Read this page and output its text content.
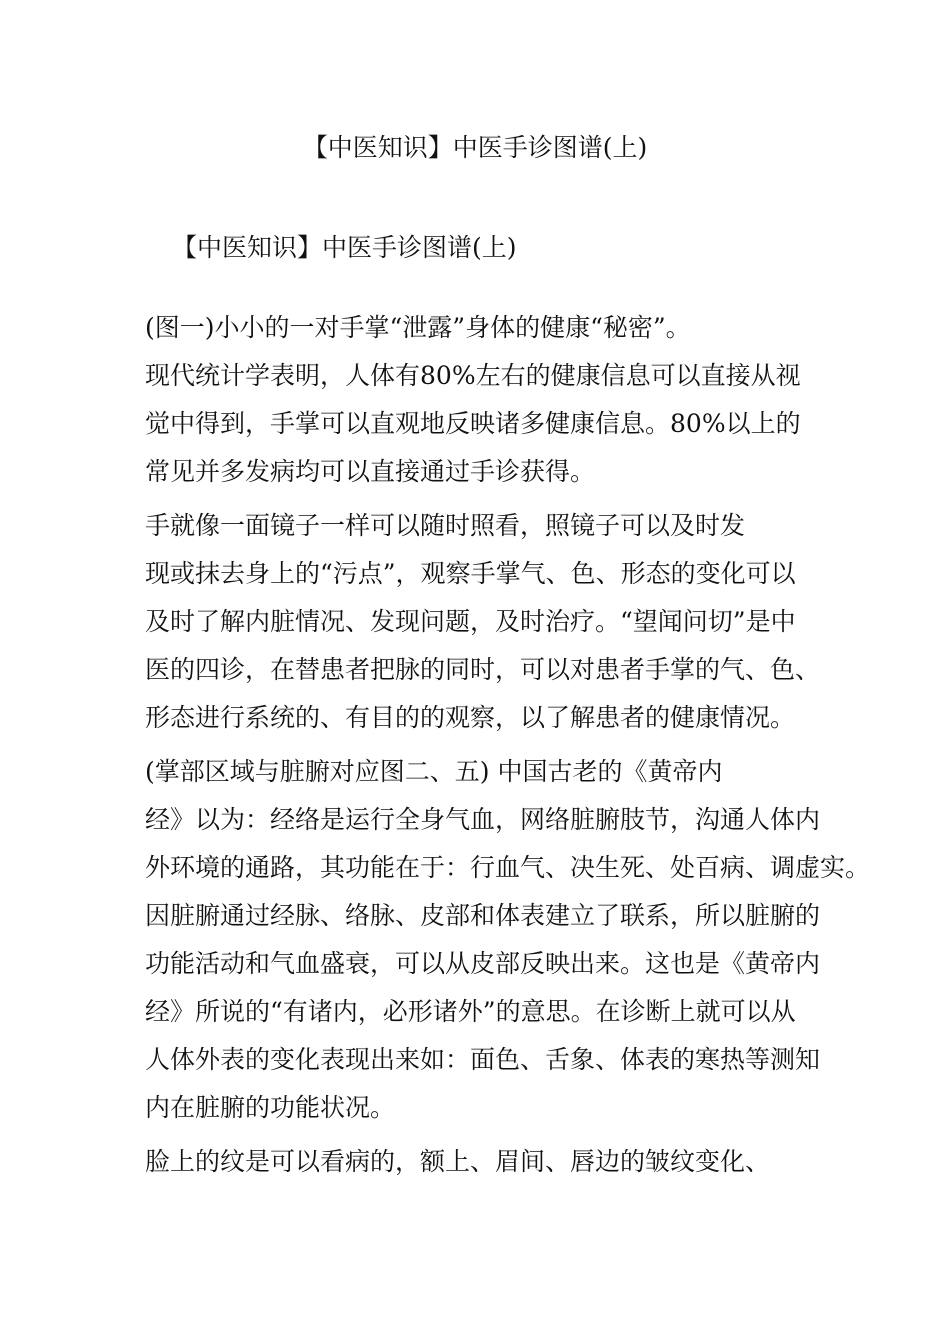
【中医知识】中医手诊图谱(上)
【中医知识】中医手诊图谱(上)
(图一)小小的一对手掌“泄露”身体的健康“秘密”。
现代统计学表明，人体有80%左右的健康信息可以直接从视
觉中得到，手掌可以直观地反映诸多健康信息。80%以上的
常见并多发病均可以直接通过手诊获得。
手就像一面镜子一样可以随时照看，照镜子可以及时发
现或抹去身上的“污点”，观察手掌气、色、形态的变化可以
及时了解内脏情况、发现问题，及时治疗。“望闻问切”是中
医的四诊，在替患者把脉的同时，可以对患者手掌的气、色、
形态进行系统的、有目的的观察，以了解患者的健康情况。
(掌部区域与脏腑对应图二、五) 中国古老的《黄帝内
经》以为：经络是运行全身气血，网络脏腑肢节，沟通人体内
外环境的通路，其功能在于：行血气、决生死、处百病、调虚实。
因脏腑通过经脉、络脉、皮部和体表建立了联系，所以脏腑的
功能活动和气血盛衰，可以从皮部反映出来。这也是《黄帝内
经》所说的“有诸内，必形诸外”的意思。在诊断上就可以从
人体外表的变化表现出来如：面色、舌象、体表的寒热等测知
内在脏腑的功能状况。
脸上的纹是可以看病的，额上、眉间、唇边的皱纹变化、
